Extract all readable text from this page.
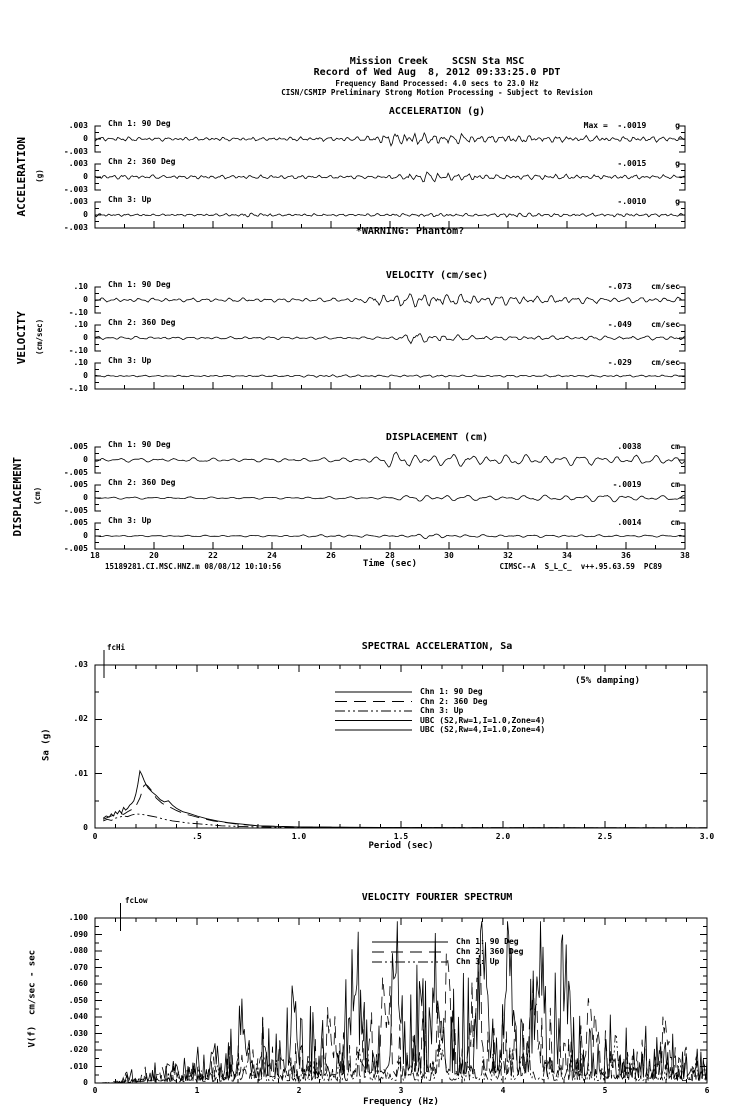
Mission Creek    SCSN Sta MSC
Record of Wed Aug  8, 2012 09:33:25.0 PDT
Frequency Band Processed: 4.0 secs to 23.0 Hz
CISN/CSMIP Preliminary Strong Motion Processing - Subject to Revision
ACCELERATION (g)
VELOCITY (cm/sec)
DISPLACEMENT (cm)
SPECTRAL ACCELERATION, Sa
VELOCITY FOURIER SPECTRUM
ACCELERATION (g)
VELOCITY (cm/sec)
DISPLACEMENT (cm)
Sa (g)
V(f)  cm/sec - sec
*WARNING: Phantom?
15189281.CI.MSC.HNZ.m 08/08/12 10:10:56	Time (sec)	CIMSC--A  S_L_C_  v++.95.63.59  PC89
(5% damping)
fcHi
fcLow
Period (sec)
Frequency (Hz)
.003
0
-.003
Chn 1: 90 Deg	Max =  -.0019      g
.003
0
-.003
Chn 2: 360 Deg	-.0015      g
.003
0
-.003
Chn 3: Up	-.0010      g
.10
0
-.10
Chn 1: 90 Deg	-.073    cm/sec
.10
0
-.10
Chn 2: 360 Deg	-.049    cm/sec
.10
0
-.10
Chn 3: Up	-.029    cm/sec
.005
0
-.005
Chn 1: 90 Deg	.0038      cm
.005
0
-.005
Chn 2: 360 Deg	-.0019      cm
.005
0
-.005
Chn 3: Up	.0014      cm
18	20	22	24	26	28	30	32	34	36	38
0
.01
.02
.03
0	.5	1.0	1.5	2.0	2.5	3.0
Chn 1: 90 Deg
Chn 2: 360 Deg
Chn 3: Up
UBC (S2,Rw=1,I=1.0,Zone=4)
UBC (S2,Rw=4,I=1.0,Zone=4)
0
.010
.020
.030
.040
.050
.060
.070
.080
.090
.100
0	1	2	3	4	5	6
Chn 1: 90 Deg
Chn 2: 360 Deg
Chn 3: Up
